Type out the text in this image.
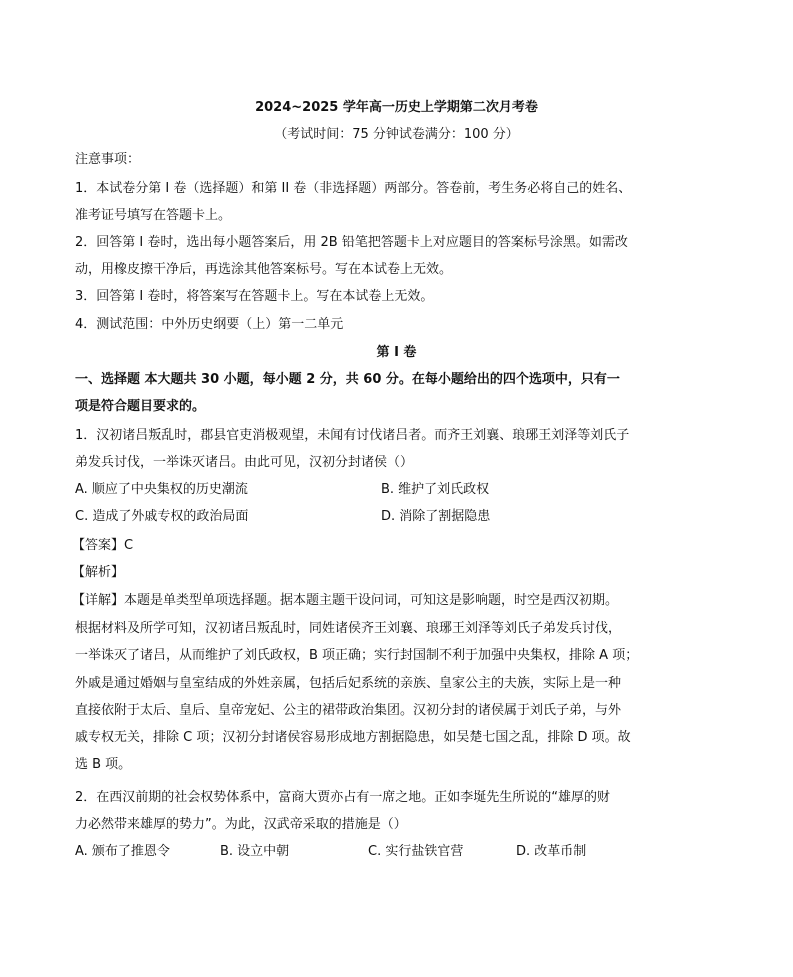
2024~2025 学年高一历史上学期第二次月考卷
（考试时间：75 分钟试卷满分：100 分）
注意事项：
1．本试卷分第 I 卷（选择题）和第 II 卷（非选择题）两部分。答卷前，考生务必将自己的姓名、
准考证号填写在答题卡上。
2．回答第 I 卷时，选出每小题答案后，用 2B 铅笔把答题卡上对应题目的答案标号涂黑。如需改
动，用橡皮擦干净后，再选涂其他答案标号。写在本试卷上无效。
3．回答第 I 卷时，将答案写在答题卡上。写在本试卷上无效。
4．测试范围：中外历史纲要（上）第一二单元
第 I 卷
一、选择题 本大题共 30 小题，每小题 2 分，共 60 分。在每小题给出的四个选项中，只有一
项是符合题目要求的。
1．汉初诸吕叛乱时，郡县官吏消极观望，未闻有讨伐诸吕者。而齐王刘襄、琅琊王刘泽等刘氏子
弟发兵讨伐，一举诛灭诸吕。由此可见，汉初分封诸侯（）
A. 顺应了中央集权的历史潮流	B. 维护了刘氏政权
C. 造成了外戚专权的政治局面	D. 消除了割据隐患
【答案】C
【解析】
【详解】本题是单类型单项选择题。据本题主题干设问词，可知这是影响题，时空是西汉初期。
根据材料及所学可知，汉初诸吕叛乱时，同姓诸侯齐王刘襄、琅琊王刘泽等刘氏子弟发兵讨伐，
一举诛灭了诸吕，从而维护了刘氏政权，B 项正确；实行封国制不利于加强中央集权，排除 A 项；
外戚是通过婚姻与皇室结成的外姓亲属，包括后妃系统的亲族、皇家公主的夫族，实际上是一种
直接依附于太后、皇后、皇帝宠妃、公主的裙带政治集团。汉初分封的诸侯属于刘氏子弟，与外
戚专权无关，排除 C 项；汉初分封诸侯容易形成地方割据隐患，如吴楚七国之乱，排除 D 项。故
选 B 项。
2．在西汉前期的社会权势体系中，富商大贾亦占有一席之地。正如李埏先生所说的“雄厚的财
力必然带来雄厚的势力”。为此，汉武帝采取的措施是（）
A. 颁布了推恩令	B. 设立中朝	C. 实行盐铁官营	D. 改革币制
